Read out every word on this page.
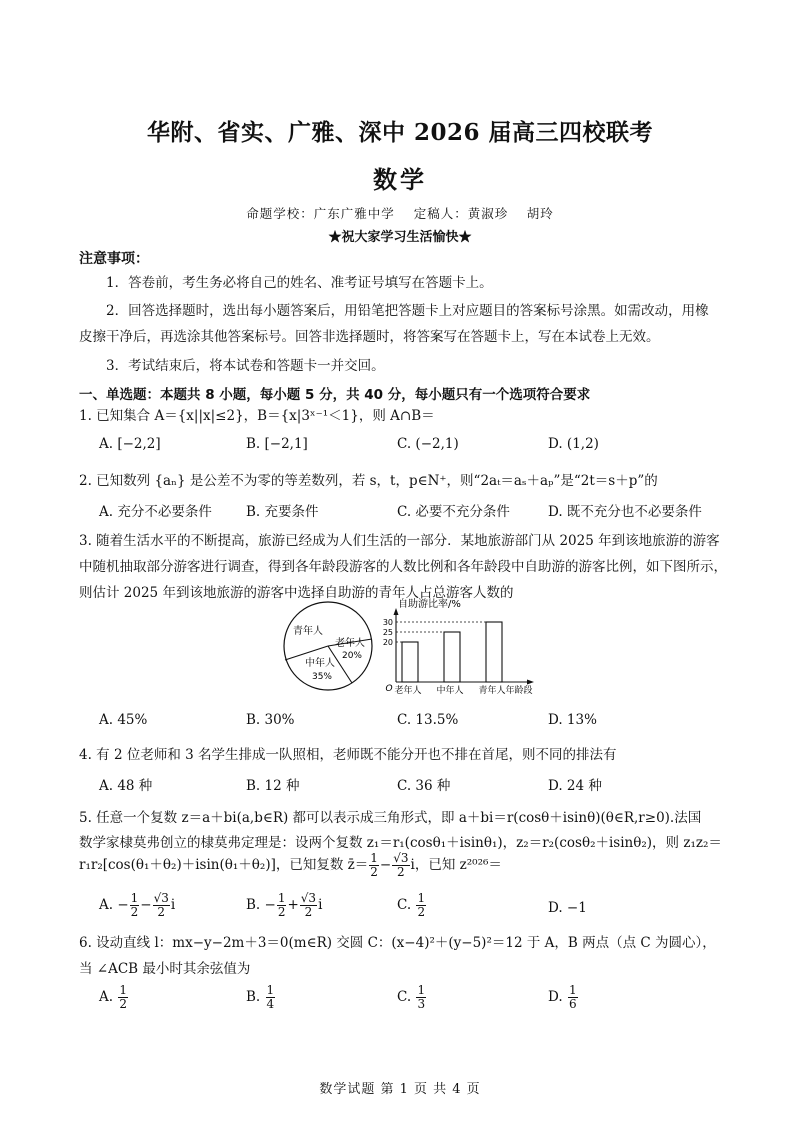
华附、省实、广雅、深中 2026 届高三四校联考
数学
命题学校：广东广雅中学 定稿人：黄淑珍　 胡玲
★祝大家学习生活愉快★
注意事项：
1．答卷前，考生务必将自己的姓名、准考证号填写在答题卡上。
2．回答选择题时，选出每小题答案后，用铅笔把答题卡上对应题目的答案标号涂黑。如需改动，用橡皮擦干净后，再选涂其他答案标号。回答非选择题时，将答案写在答题卡上，写在本试卷上无效。
3．考试结束后，将本试卷和答题卡一并交回。
一、单选题：本题共 8 小题，每小题 5 分，共 40 分，每小题只有一个选项符合要求
1. 已知集合 A＝{x||x|≤2}，B＝{x|3ˣ⁻¹＜1}，则 A∩B＝
A. [−2,2]	B. [−2,1]	C. (−2,1)	D. (1,2)
2. 已知数列 {aₙ} 是公差不为零的等差数列，若 s，t，p∈N⁺，则“2aₜ＝aₛ＋aₚ”是“2t＝s＋p”的
A. 充分不必要条件	B. 充要条件	C. 必要不充分条件	D. 既不充分也不必要条件
3. 随着生活水平的不断提高，旅游已经成为人们生活的一部分．某地旅游部门从 2025 年到该地旅游的游客中随机抽取部分游客进行调查，得到各年龄段游客的人数比例和各年龄段中自助游的游客比例，如下图所示，则估计 2025 年到该地旅游的游客中选择自助游的青年人占总游客人数的
青年人
老年人
20%
中年人
35%
自助游比率/%
O 老年人 中年人 青年人
20
25
30
年龄段
A. 45%	B. 30%	C. 13.5%	D. 13%
4. 有 2 位老师和 3 名学生排成一队照相，老师既不能分开也不排在首尾，则不同的排法有
A. 48 种	B. 12 种	C. 36 种	D. 24 种
5. 任意一个复数 z＝a＋bi(a,b∈R) 都可以表示成三角形式，即 a＋bi＝r(cosθ＋isinθ)(θ∈R,r≥0).法国
数学家棣莫弗创立的棣莫弗定理是：设两个复数 z₁＝r₁(cosθ₁＋isinθ₁)，z₂＝r₂(cosθ₂＋isinθ₂)，则 z₁z₂＝
r₁r₂[cos(θ₁＋θ₂)＋isin(θ₁＋θ₂)]，已知复数 z̄＝ $\frac{1}{2} - \frac{√3}{2}$ i，已知 z²⁰²⁶＝
A. − $\frac{1}{2} - \frac{√3}{2}$ i	B. − $\frac{1}{2} + \frac{√3}{2}$ i	C. $\frac{1}{2}$	D. −1
6. 设动直线 l：mx−y−2m＋3＝0(m∈R) 交圆 C：(x−4)²＋(y−5)²＝12 于 A，B 两点（点 C 为圆心），当 ∠ACB 最小时其余弦值为
A. $\frac{1}{2}$	B. $\frac{1}{4}$	C. $\frac{1}{3}$	D. $\frac{1}{6}$
数学试题 第 1 页 共 4 页
